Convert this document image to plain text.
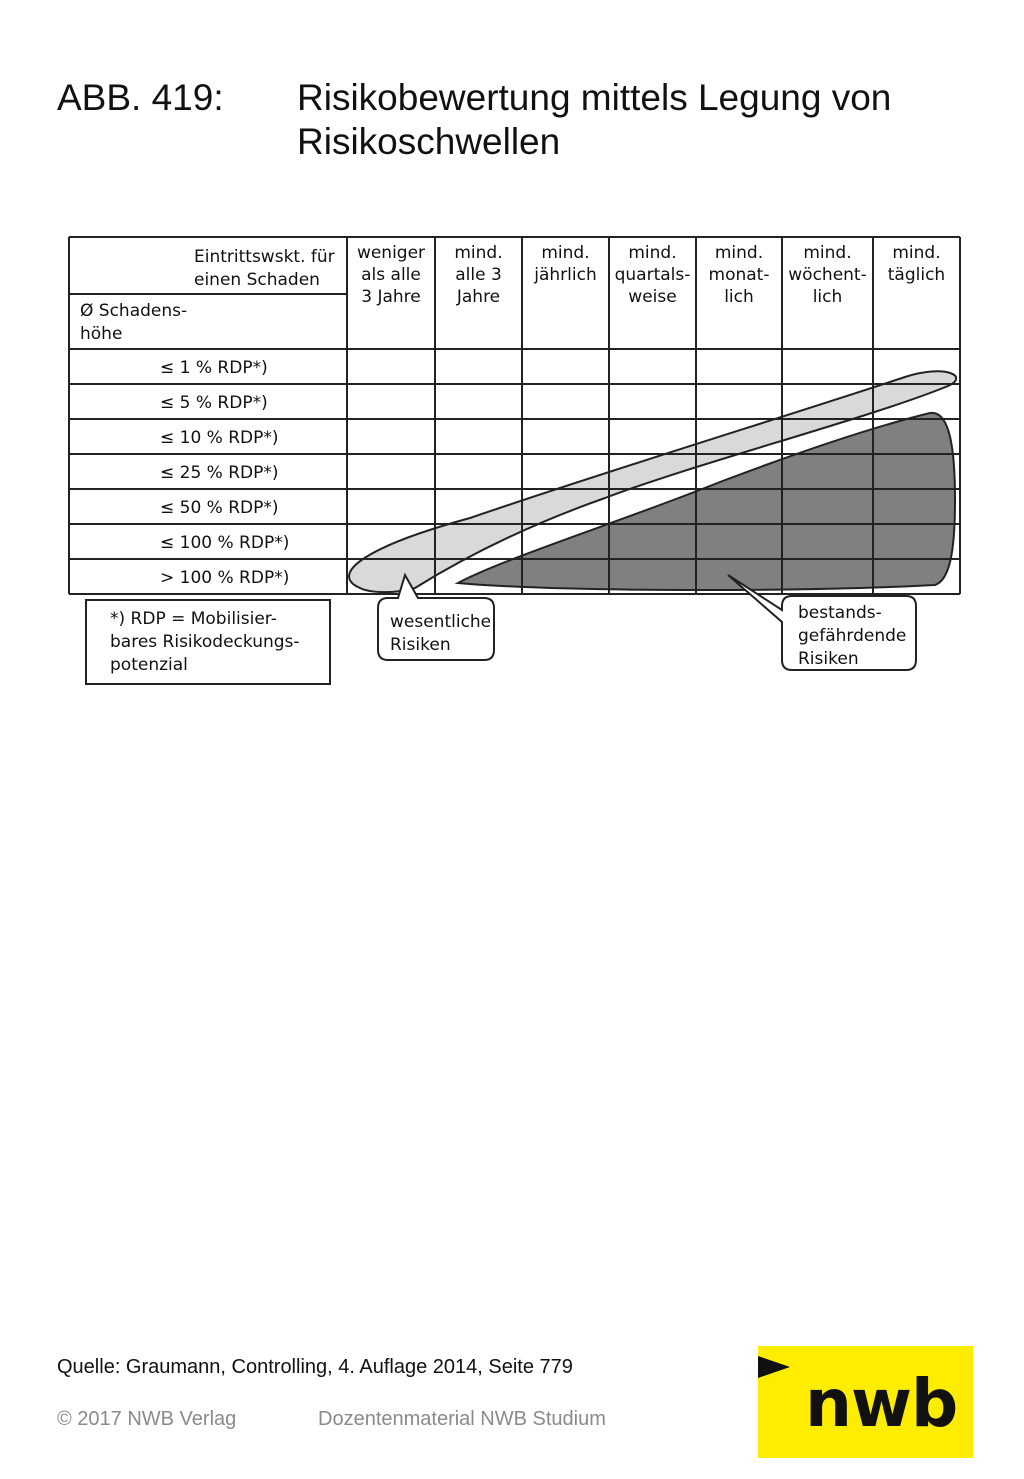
ABB. 419: Risikobewertung mittels Legung von
Risikoschwellen
weniger
als alle
3 Jahre
mind.
alle 3
Jahre
mind.
jährlich
mind.
quartals-
weise
mind.
monat-
lich
mind.
wöchent-
lich
mind.
täglich
Eintrittswskt. für
einen Schaden
Ø Schadens-
höhe
≤ 1 % RDP*)
≤ 5 % RDP*)
≤ 10 % RDP*)
≤ 25 % RDP*)
≤ 50 % RDP*)
≤ 100 % RDP*)
> 100 % RDP*)
*) RDP = Mobilisier-
bares Risikodeckungs-
potenzial
wesentliche
Risiken
bestands-
gefährdende
Risiken
Quelle: Graumann, Controlling, 4. Auflage 2014, Seite 779
© 2017 NWB Verlag	Dozentenmaterial NWB Studium	nwb
